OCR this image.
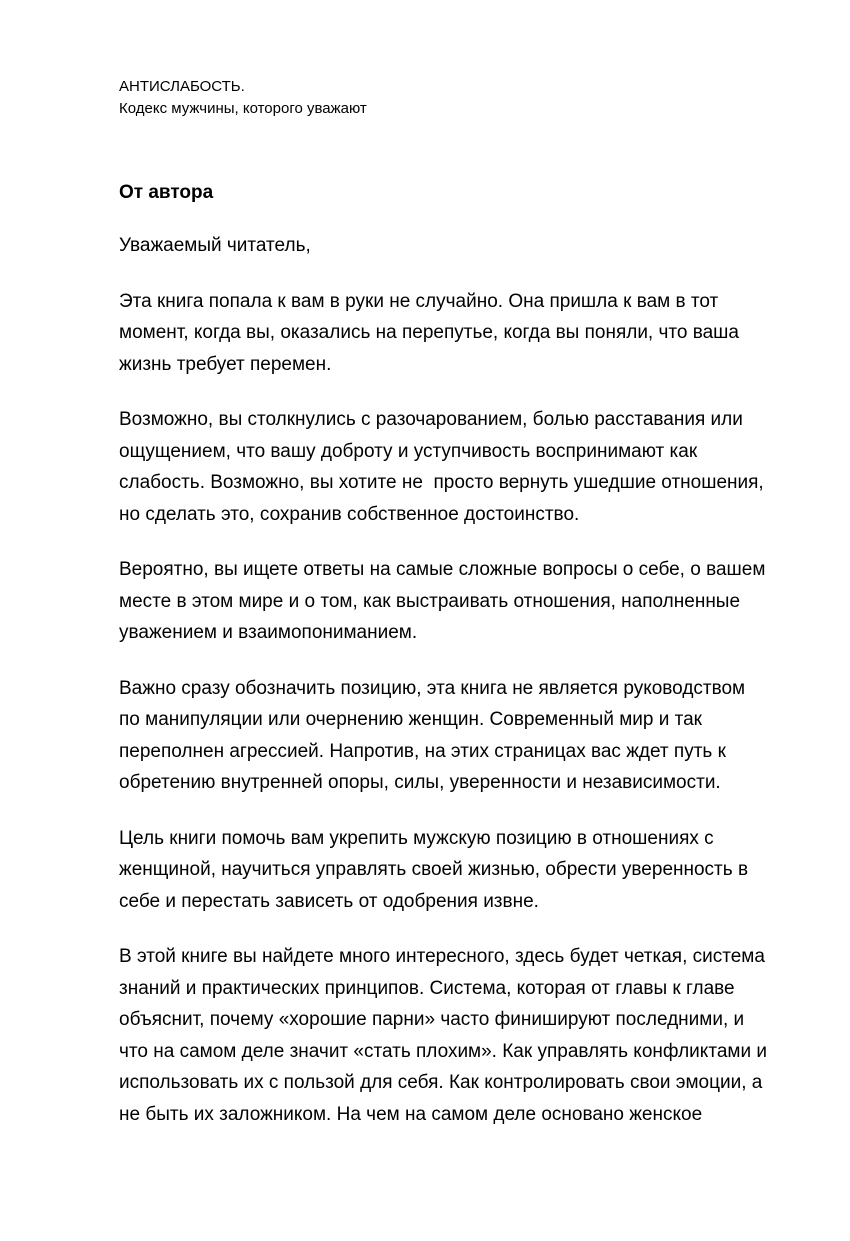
АНТИСЛАБОСТЬ.
Кодекс мужчины, которого уважают
От автора
Уважаемый читатель,
Эта книга попала к вам в руки не случайно. Она пришла к вам в тот
момент, когда вы, оказались на перепутье, когда вы поняли, что ваша
жизнь требует перемен.
Возможно, вы столкнулись с разочарованием, болью расставания или
ощущением, что вашу доброту и уступчивость воспринимают как
слабость. Возможно, вы хотите не  просто вернуть ушедшие отношения,
но сделать это, сохранив собственное достоинство.
Вероятно, вы ищете ответы на самые сложные вопросы о себе, о вашем
месте в этом мире и о том, как выстраивать отношения, наполненные
уважением и взаимопониманием.
Важно сразу обозначить позицию, эта книга не является руководством
по манипуляции или очернению женщин. Современный мир и так
переполнен агрессией. Напротив, на этих страницах вас ждет путь к
обретению внутренней опоры, силы, уверенности и независимости.
Цель книги помочь вам укрепить мужскую позицию в отношениях с
женщиной, научиться управлять своей жизнью, обрести уверенность в
себе и перестать зависеть от одобрения извне.
В этой книге вы найдете много интересного, здесь будет четкая, система
знаний и практических принципов. Система, которая от главы к главе
объяснит, почему «хорошие парни» часто финишируют последними, и
что на самом деле значит «стать плохим». Как управлять конфликтами и
использовать их с пользой для себя. Как контролировать свои эмоции, а
не быть их заложником. На чем на самом деле основано женское
